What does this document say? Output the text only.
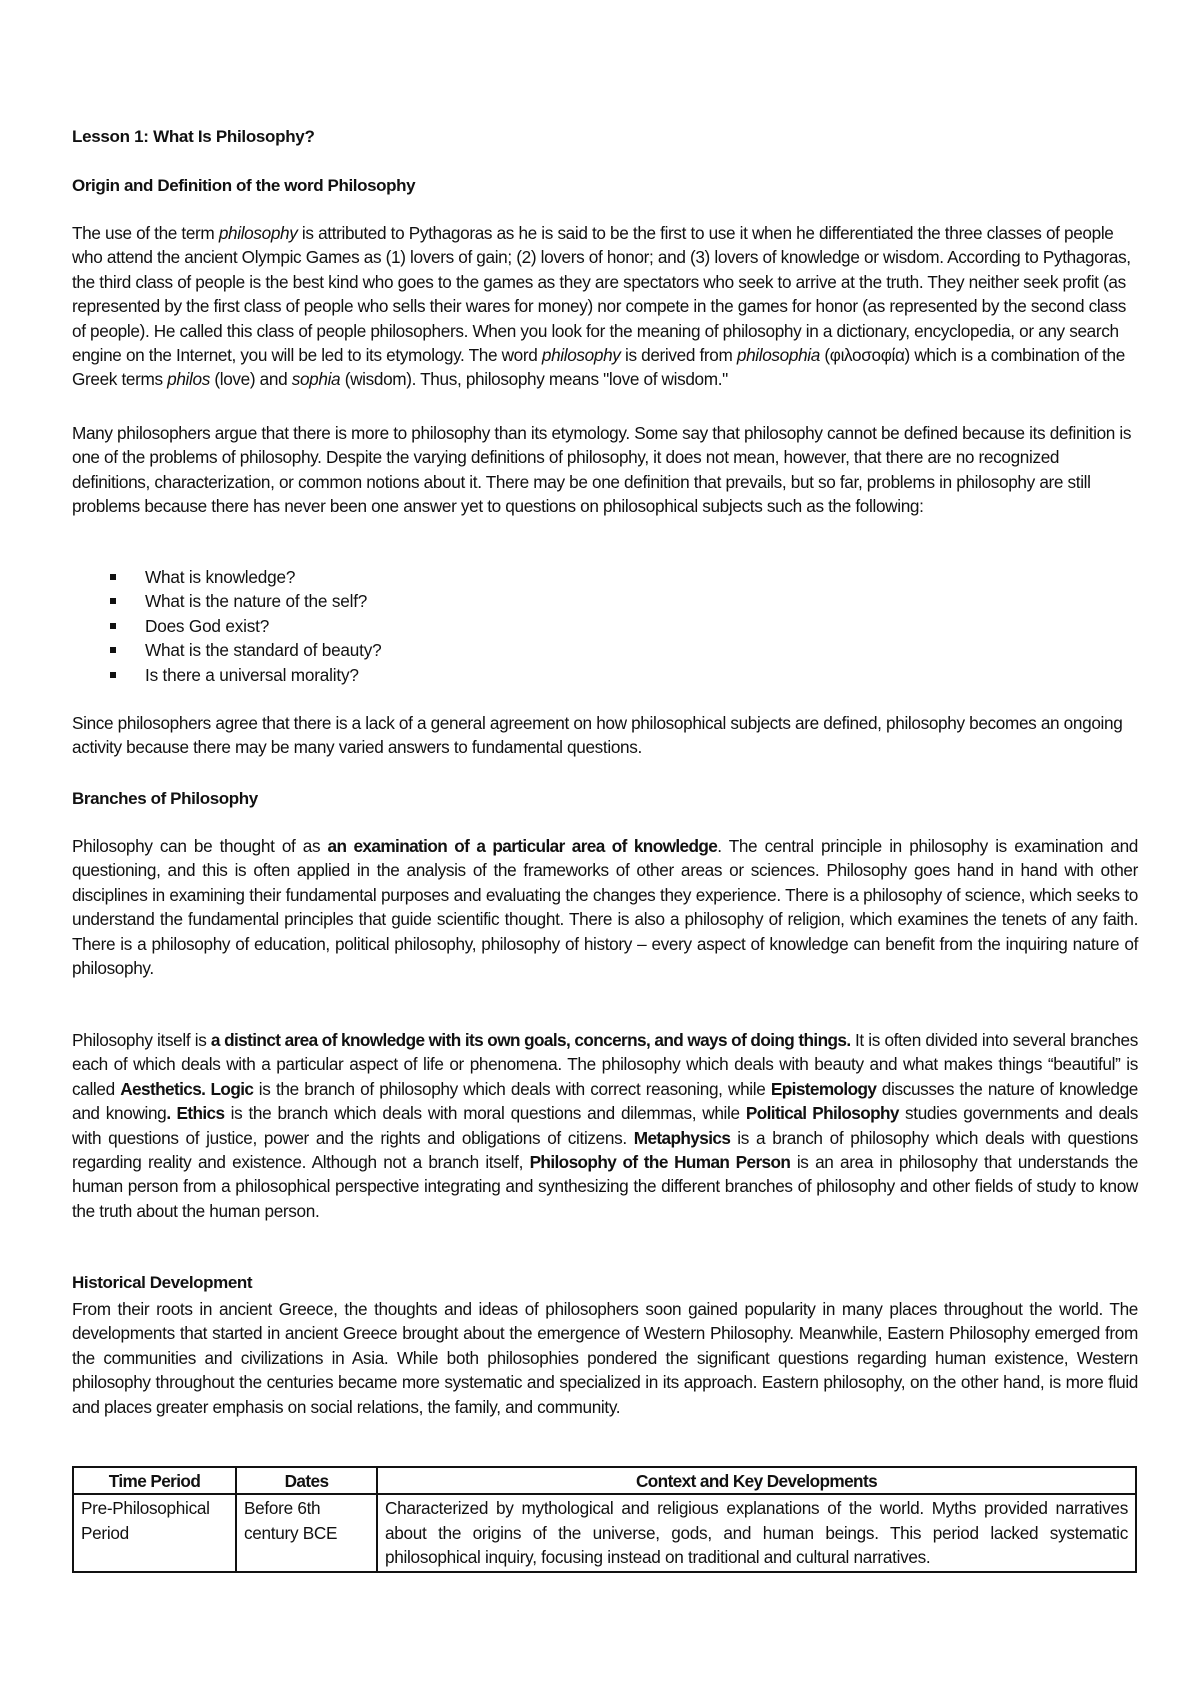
Lesson 1: What Is Philosophy?
Origin and Definition of the word Philosophy

The use of the term philosophy is attributed to Pythagoras as he is said to be the first to use it when he differentiated the three classes of people who attend the ancient Olympic Games as (1) lovers of gain; (2) lovers of honor; and (3) lovers of knowledge or wisdom. According to Pythagoras, the third class of people is the best kind who goes to the games as they are spectators who seek to arrive at the truth. They neither seek profit (as represented by the first class of people who sells their wares for money) nor compete in the games for honor (as represented by the second class of people). He called this class of people philosophers. When you look for the meaning of philosophy in a dictionary, encyclopedia, or any search engine on the Internet, you will be led to its etymology. The word philosophy is derived from philosophia (φιλοσοφία) which is a combination of the Greek terms philos (love) and sophia (wisdom). Thus, philosophy means "love of wisdom."

Many philosophers argue that there is more to philosophy than its etymology. Some say that philosophy cannot be defined because its definition is one of the problems of philosophy. Despite the varying definitions of philosophy, it does not mean, however, that there are no recognized definitions, characterization, or common notions about it. There may be one definition that prevails, but so far, problems in philosophy are still problems because there has never been one answer yet to questions on philosophical subjects such as the following:

What is knowledge?
What is the nature of the self?
Does God exist?
What is the standard of beauty?
Is there a universal morality?

Since philosophers agree that there is a lack of a general agreement on how philosophical subjects are defined, philosophy becomes an ongoing activity because there may be many varied answers to fundamental questions.

Branches of Philosophy

Philosophy can be thought of as an examination of a particular area of knowledge. The central principle in philosophy is examination and questioning, and this is often applied in the analysis of the frameworks of other areas or sciences. Philosophy goes hand in hand with other disciplines in examining their fundamental purposes and evaluating the changes they experience. There is a philosophy of science, which seeks to understand the fundamental principles that guide scientific thought. There is also a philosophy of religion, which examines the tenets of any faith. There is a philosophy of education, political philosophy, philosophy of history – every aspect of knowledge can benefit from the inquiring nature of philosophy.

Philosophy itself is a distinct area of knowledge with its own goals, concerns, and ways of doing things. It is often divided into several branches each of which deals with a particular aspect of life or phenomena. The philosophy which deals with beauty and what makes things “beautiful” is called Aesthetics. Logic is the branch of philosophy which deals with correct reasoning, while Epistemology discusses the nature of knowledge and knowing. Ethics is the branch which deals with moral questions and dilemmas, while Political Philosophy studies governments and deals with questions of justice, power and the rights and obligations of citizens. Metaphysics is a branch of philosophy which deals with questions regarding reality and existence. Although not a branch itself, Philosophy of the Human Person is an area in philosophy that understands the human person from a philosophical perspective integrating and synthesizing the different branches of philosophy and other fields of study to know the truth about the human person.

Historical Development

From their roots in ancient Greece, the thoughts and ideas of philosophers soon gained popularity in many places throughout the world. The developments that started in ancient Greece brought about the emergence of Western Philosophy. Meanwhile, Eastern Philosophy emerged from the communities and civilizations in Asia. While both philosophies pondered the significant questions regarding human existence, Western philosophy throughout the centuries became more systematic and specialized in its approach. Eastern philosophy, on the other hand, is more fluid and places greater emphasis on social relations, the family, and community.

Time Period	Dates	Context and Key Developments
Pre-Philosophical Period	Before 6th century BCE	Characterized by mythological and religious explanations of the world. Myths provided narratives about the origins of the universe, gods, and human beings. This period lacked systematic philosophical inquiry, focusing instead on traditional and cultural narratives.
